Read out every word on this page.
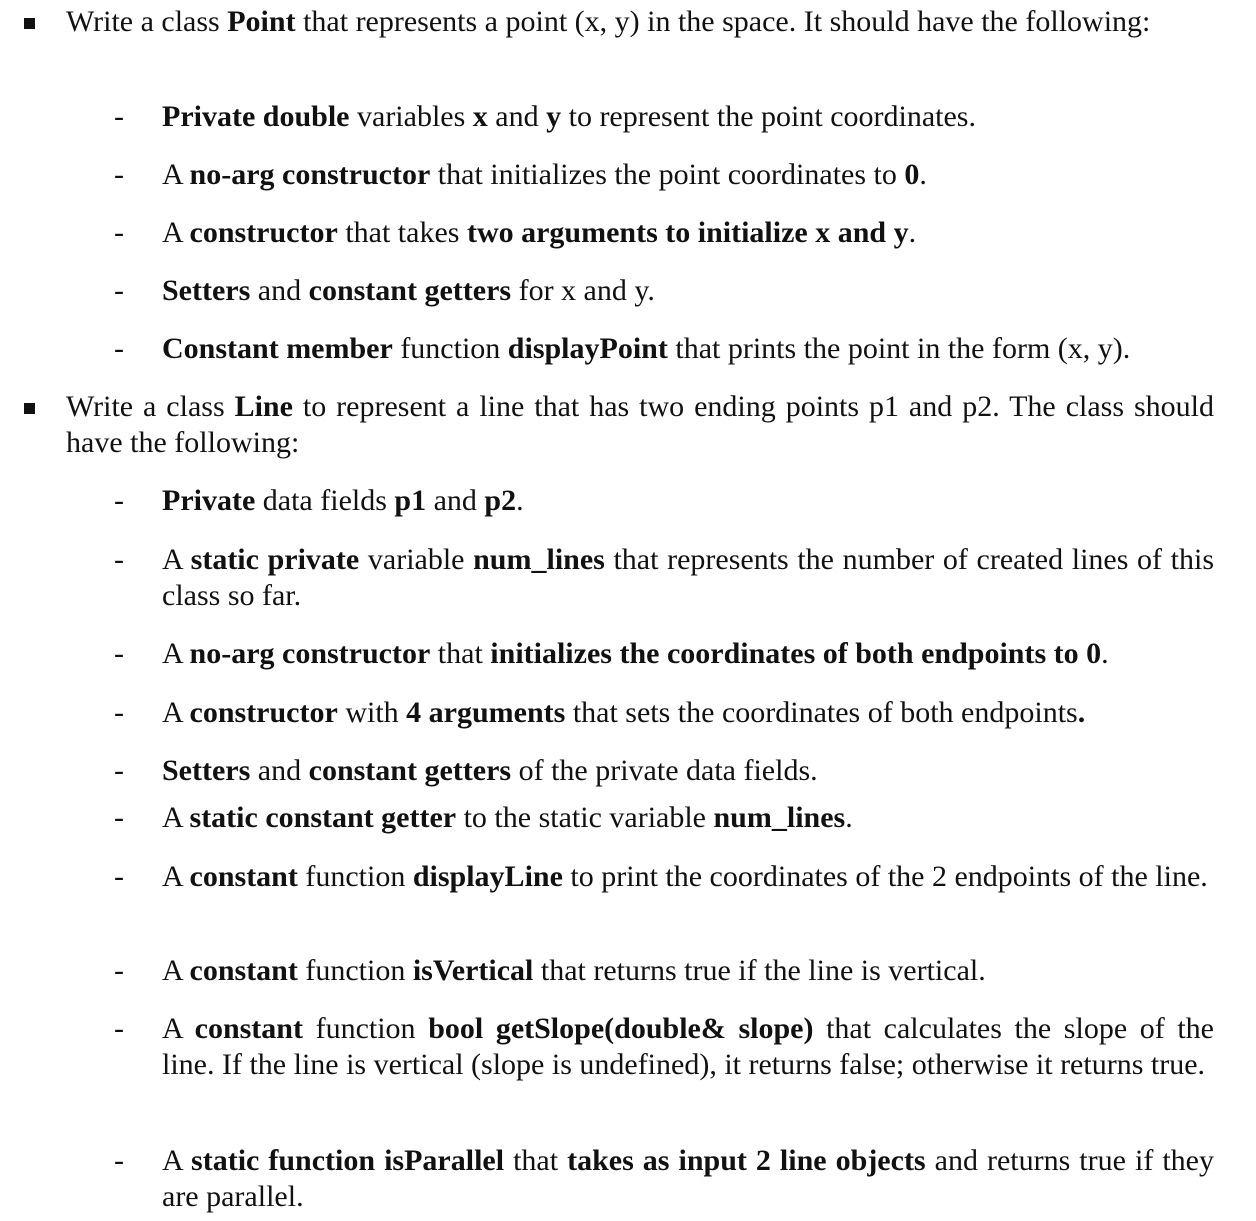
Write a class Point that represents a point (x, y) in the space. It should have the following:

- Private double variables x and y to represent the point coordinates.

- A no-arg constructor that initializes the point coordinates to 0.

- A constructor that takes two arguments to initialize x and y.

- Setters and constant getters for x and y.

- Constant member function displayPoint that prints the point in the form (x, y).

Write a class Line to represent a line that has two ending points p1 and p2. The class should have the following:

- Private data fields p1 and p2.

- A static private variable num_lines that represents the number of created lines of this class so far.

- A no-arg constructor that initializes the coordinates of both endpoints to 0.

- A constructor with 4 arguments that sets the coordinates of both endpoints.

- Setters and constant getters of the private data fields.

- A static constant getter to the static variable num_lines.

- A constant function displayLine to print the coordinates of the 2 endpoints of the line.

- A constant function isVertical that returns true if the line is vertical.

- A constant function bool getSlope(double& slope) that calculates the slope of the line. If the line is vertical (slope is undefined), it returns false; otherwise it returns true.

- A static function isParallel that takes as input 2 line objects and returns true if they are parallel.
